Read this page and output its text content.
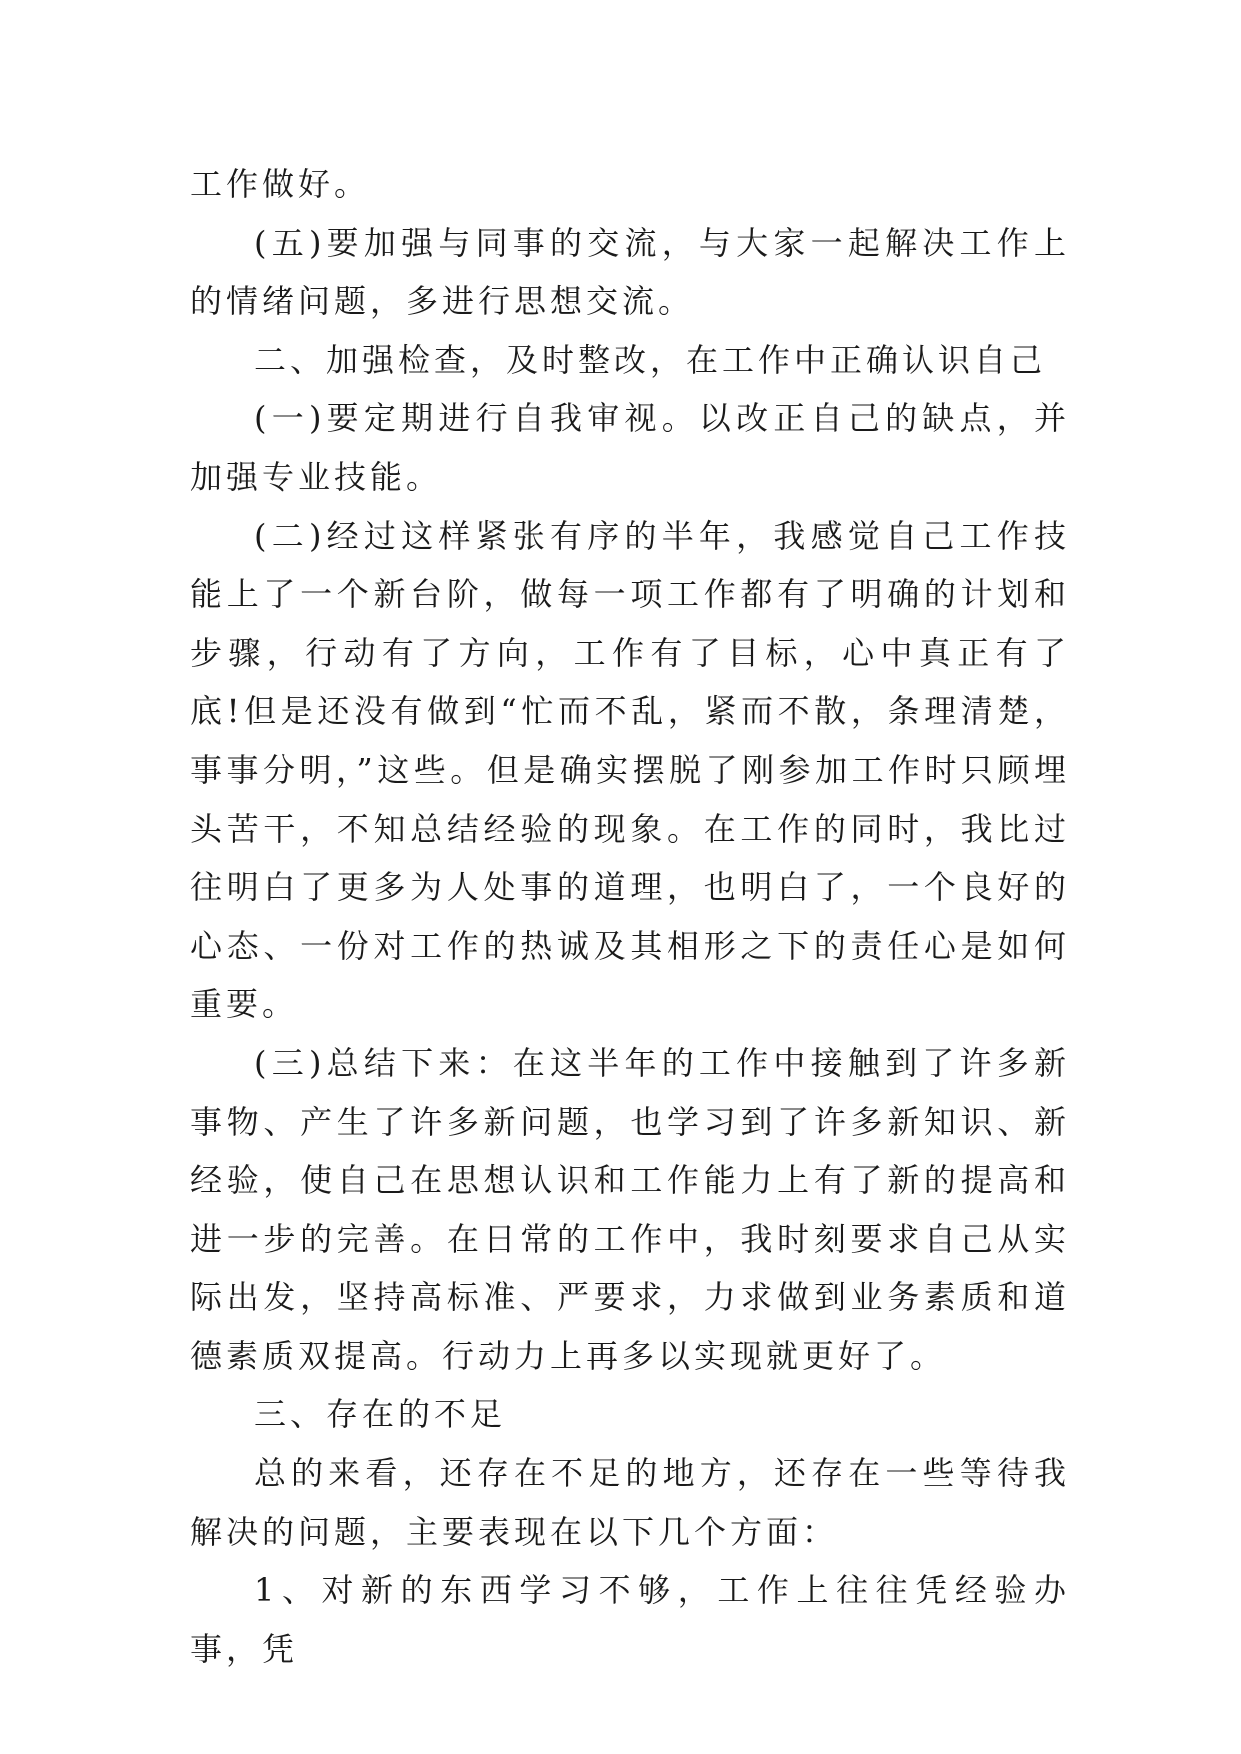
工作做好。

(五)要加强与同事的交流，与大家一起解决工作上的情绪问题，多进行思想交流。

二、加强检查，及时整改，在工作中正确认识自己

(一)要定期进行自我审视。以改正自己的缺点，并加强专业技能。

(二)经过这样紧张有序的半年，我感觉自己工作技能上了一个新台阶，做每一项工作都有了明确的计划和步骤，行动有了方向，工作有了目标，心中真正有了底!但是还没有做到“忙而不乱，紧而不散，条理清楚，事事分明，”这些。但是确实摆脱了刚参加工作时只顾埋头苦干，不知总结经验的现象。在工作的同时，我比过往明白了更多为人处事的道理，也明白了，一个良好的心态、一份对工作的热诚及其相形之下的责任心是如何重要。

(三)总结下来：在这半年的工作中接触到了许多新事物、产生了许多新问题，也学习到了许多新知识、新经验，使自己在思想认识和工作能力上有了新的提高和进一步的完善。在日常的工作中，我时刻要求自己从实际出发，坚持高标准、严要求，力求做到业务素质和道德素质双提高。行动力上再多以实现就更好了。

三、存在的不足

总的来看，还存在不足的地方，还存在一些等待我解决的问题，主要表现在以下几个方面：

1、对新的东西学习不够，工作上往往凭经验办事，凭
